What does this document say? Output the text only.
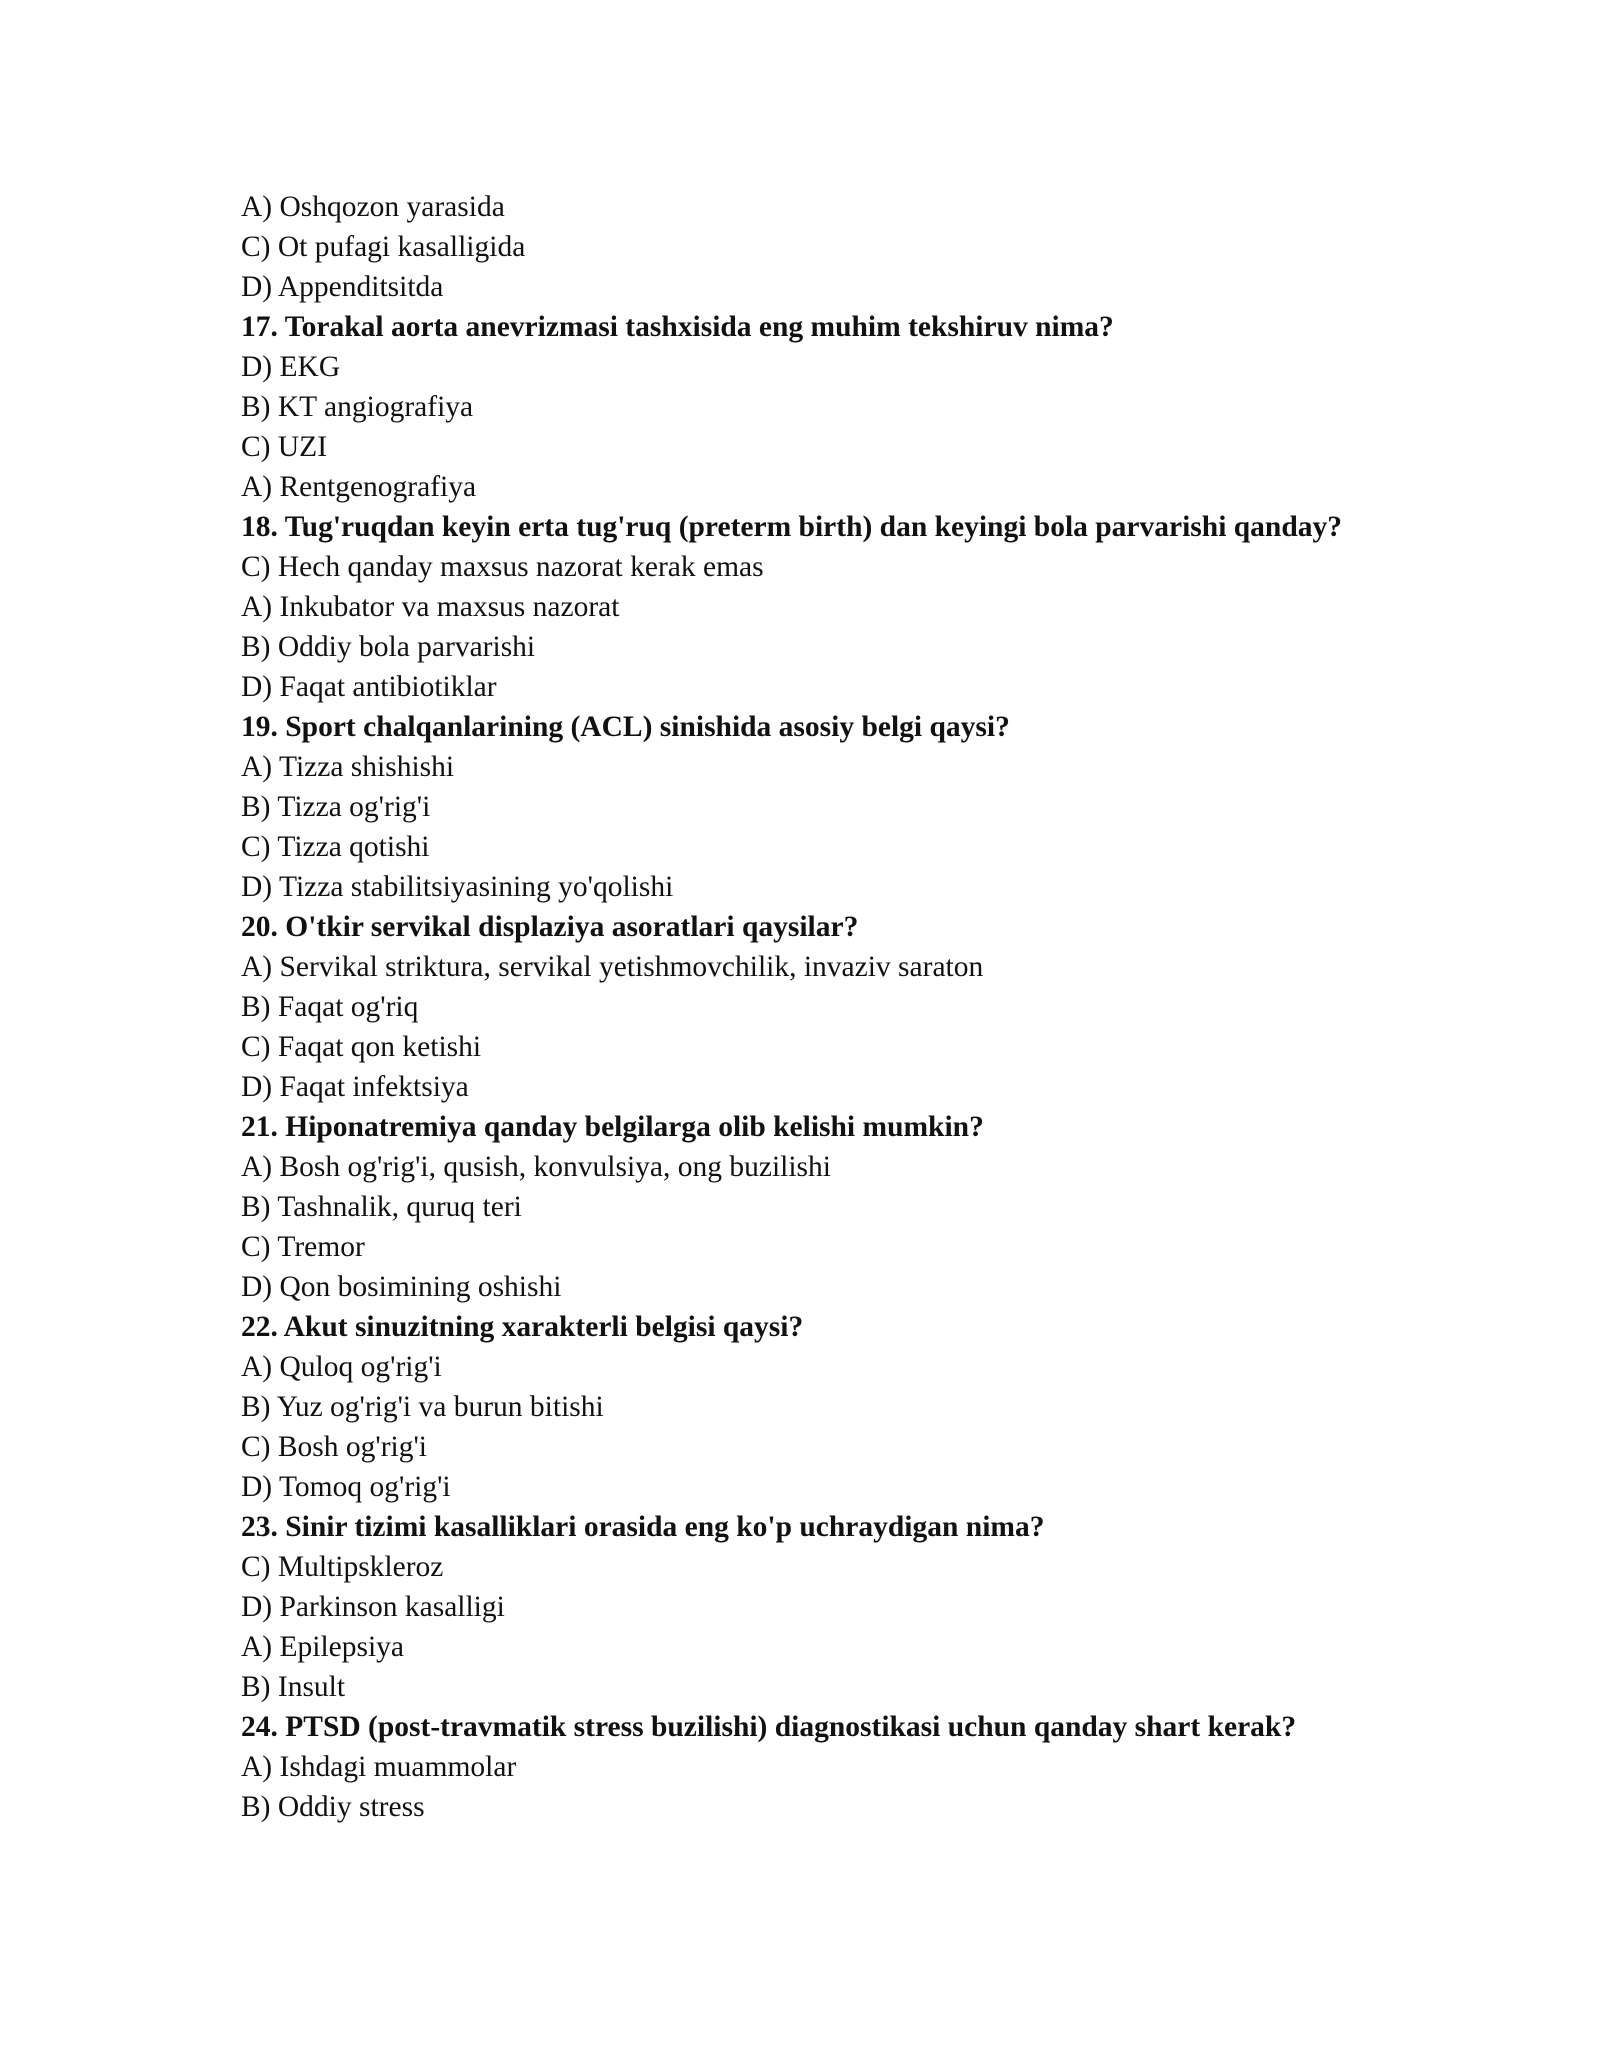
A) Oshqozon yarasida
C) Ot pufagi kasalligida
D) Appenditsitda
17. Torakal aorta anevrizmasi tashxisida eng muhim tekshiruv nima?
D) EKG
B) KT angiografiya
C) UZI
A) Rentgenografiya
18. Tug'ruqdan keyin erta tug'ruq (preterm birth) dan keyingi bola parvarishi qanday?
C) Hech qanday maxsus nazorat kerak emas
A) Inkubator va maxsus nazorat
B) Oddiy bola parvarishi
D) Faqat antibiotiklar
19. Sport chalqanlarining (ACL) sinishida asosiy belgi qaysi?
A) Tizza shishishi
B) Tizza og'rig'i
C) Tizza qotishi
D) Tizza stabilitsiyasining yo'qolishi
20. O'tkir servikal displaziya asoratlari qaysilar?
A) Servikal striktura, servikal yetishmovchilik, invaziv saraton
B) Faqat og'riq
C) Faqat qon ketishi
D) Faqat infektsiya
21. Hiponatremiya qanday belgilarga olib kelishi mumkin?
A) Bosh og'rig'i, qusish, konvulsiya, ong buzilishi
B) Tashnalik, quruq teri
C) Tremor
D) Qon bosimining oshishi
22. Akut sinuzitning xarakterli belgisi qaysi?
A) Quloq og'rig'i
B) Yuz og'rig'i va burun bitishi
C) Bosh og'rig'i
D) Tomoq og'rig'i
23. Sinir tizimi kasalliklari orasida eng ko'p uchraydigan nima?
C) Multipskleroz
D) Parkinson kasalligi
A) Epilepsiya
B) Insult
24. PTSD (post-travmatik stress buzilishi) diagnostikasi uchun qanday shart kerak?
A) Ishdagi muammolar
B) Oddiy stress
